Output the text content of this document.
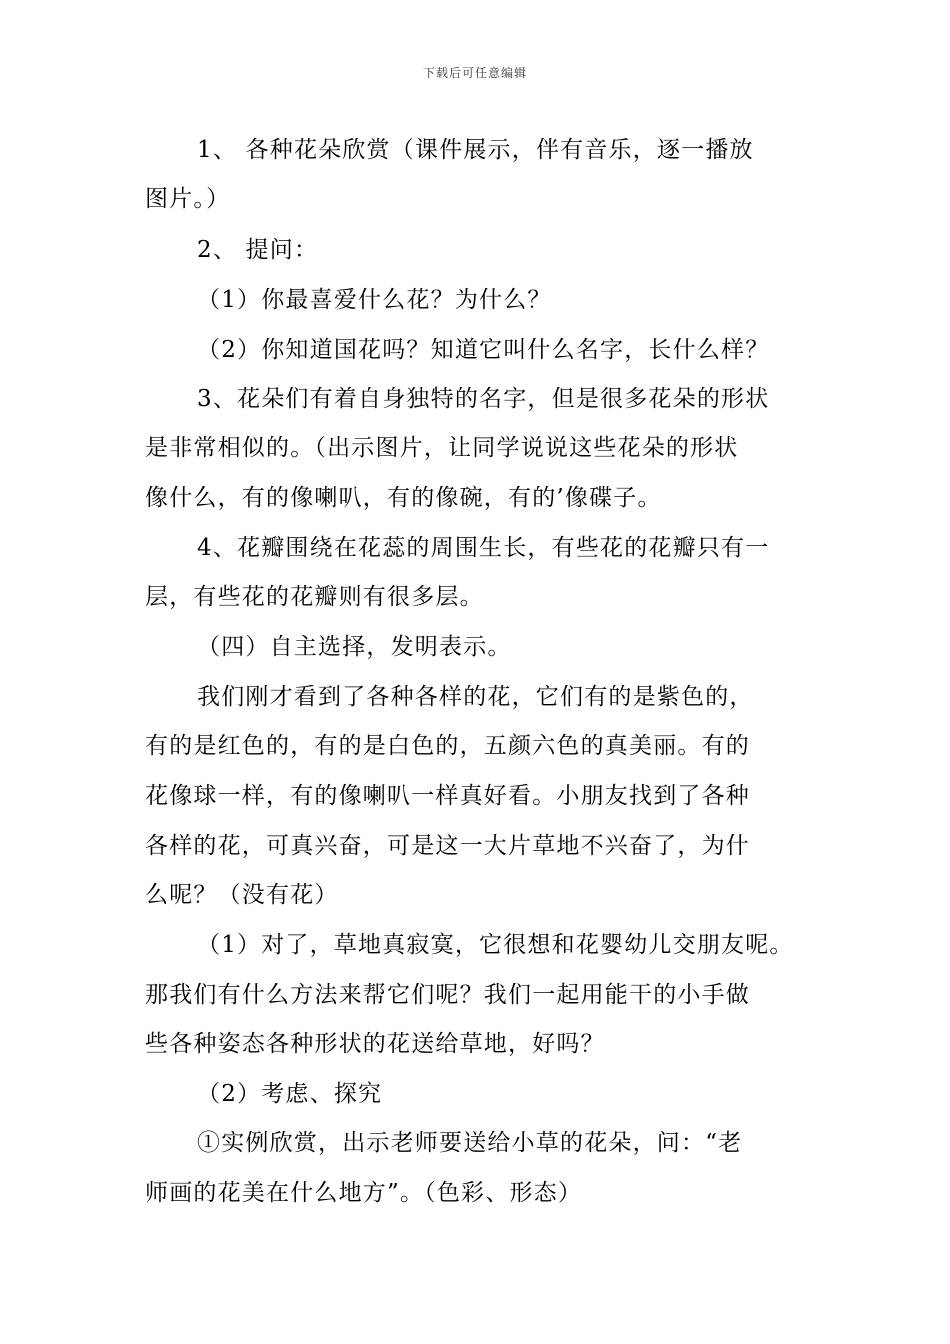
下载后可任意编辑
1、 各种花朵欣赏（课件展示，伴有音乐，逐一播放
图片。）
2、 提问：
（1）你最喜爱什么花？为什么？
（2）你知道国花吗？知道它叫什么名字，长什么样？
3、花朵们有着自身独特的名字，但是很多花朵的形状
是非常相似的。（出示图片，让同学说说这些花朵的形状
像什么，有的像喇叭，有的像碗，有的’像碟子。
4、花瓣围绕在花蕊的周围生长，有些花的花瓣只有一
层，有些花的花瓣则有很多层。
（四）自主选择，发明表示。
我们刚才看到了各种各样的花，它们有的是紫色的，
有的是红色的，有的是白色的，五颜六色的真美丽。有的
花像球一样，有的像喇叭一样真好看。小朋友找到了各种
各样的花，可真兴奋，可是这一大片草地不兴奋了，为什
么呢？（没有花）
（1）对了，草地真寂寞，它很想和花婴幼儿交朋友呢。
那我们有什么方法来帮它们呢？我们一起用能干的小手做
些各种姿态各种形状的花送给草地，好吗？
（2）考虑、探究
①实例欣赏，出示老师要送给小草的花朵，问：“老
师画的花美在什么地方”。（色彩、形态）
